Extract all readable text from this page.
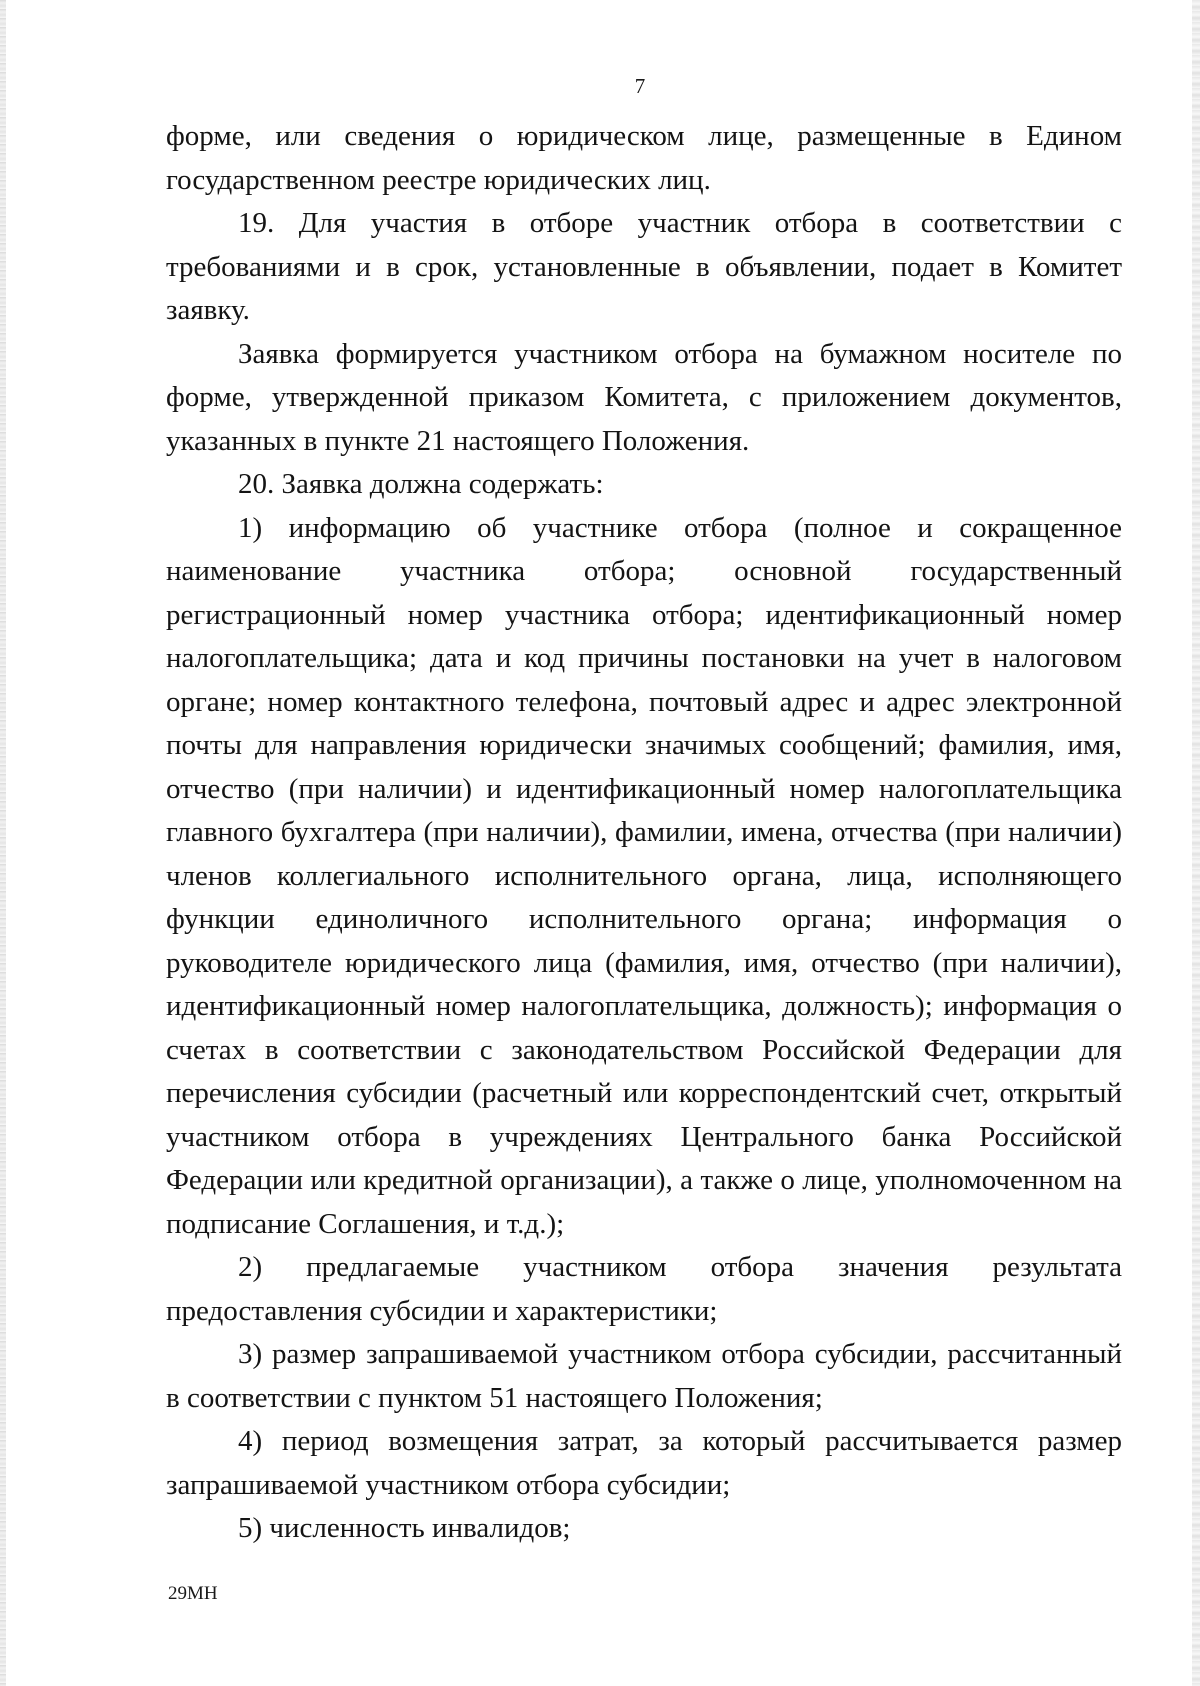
7

форме, или сведения о юридическом лице, размещенные в Едином государственном реестре юридических лиц.

19. Для участия в отборе участник отбора в соответствии с требованиями и в срок, установленные в объявлении, подает в Комитет заявку.

Заявка формируется участником отбора на бумажном носителе по форме, утвержденной приказом Комитета, с приложением документов, указанных в пункте 21 настоящего Положения.

20. Заявка должна содержать:

1) информацию об участнике отбора (полное и сокращенное наименование участника отбора; основной государственный регистрационный номер участника отбора; идентификационный номер налогоплательщика; дата и код причины постановки на учет в налоговом органе; номер контактного телефона, почтовый адрес и адрес электронной почты для направления юридически значимых сообщений; фамилия, имя, отчество (при наличии) и идентификационный номер налогоплательщика главного бухгалтера (при наличии), фамилии, имена, отчества (при наличии) членов коллегиального исполнительного органа, лица, исполняющего функции единоличного исполнительного органа; информация о руководителе юридического лица (фамилия, имя, отчество (при наличии), идентификационный номер налогоплательщика, должность); информация о счетах в соответствии с законодательством Российской Федерации для перечисления субсидии (расчетный или корреспондентский счет, открытый участником отбора в учреждениях Центрального банка Российской Федерации или кредитной организации), а также о лице, уполномоченном на подписание Соглашения, и т.д.);

2) предлагаемые участником отбора значения результата предоставления субсидии и характеристики;

3) размер запрашиваемой участником отбора субсидии, рассчитанный в соответствии с пунктом 51 настоящего Положения;

4) период возмещения затрат, за который рассчитывается размер запрашиваемой участником отбора субсидии;

5) численность инвалидов;

29МН
